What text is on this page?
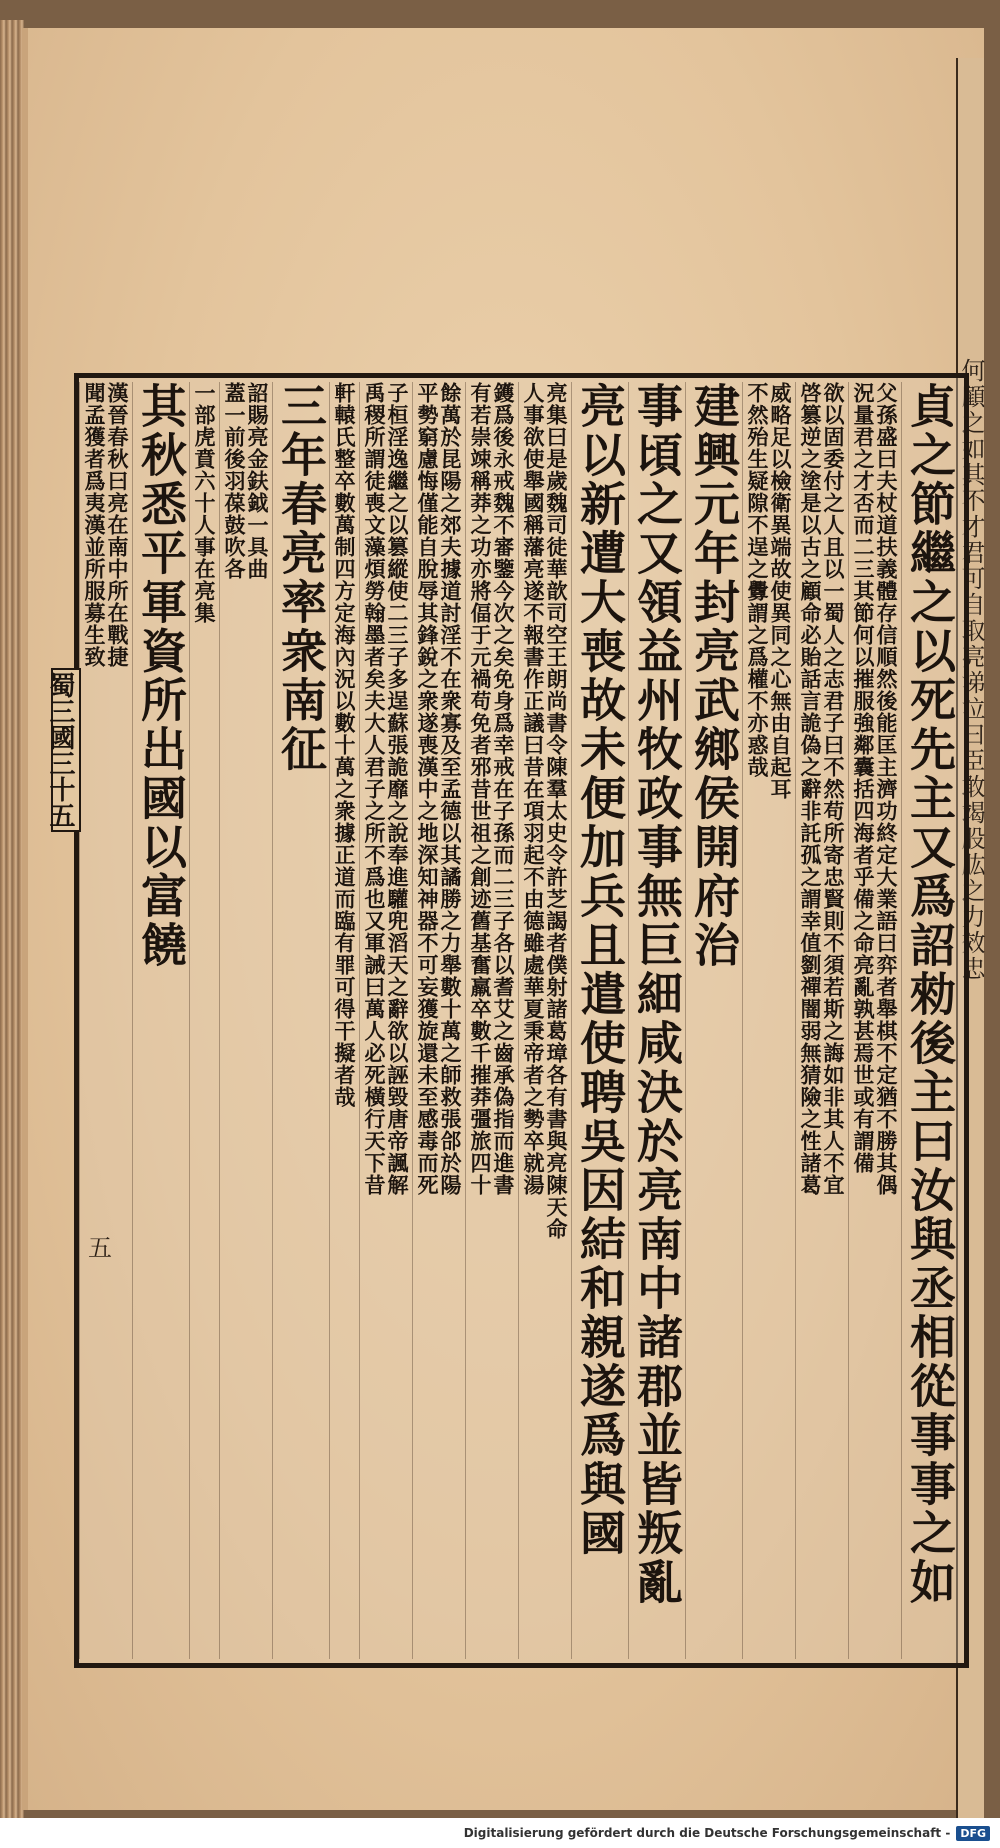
何顧之如其不才君可自取亮涕泣曰臣敢竭股肱之力效忠
貞之節繼之以死先主又爲詔勑後主曰汝與丞相從事事之如
父孫盛曰夫杖道扶義體存信順然後能匡主濟功終定大業語曰弈者舉棋不定猶不勝其偶
況量君之才否而二三其節何以摧服強鄰囊括四海者乎備之命亮亂孰甚焉世或有謂備
欲以固委付之人且以一蜀人之志君子曰不然苟所寄忠賢則不須若斯之誨如非其人不宜
啓篡逆之塗是以古之顧命必貽話言詭偽之辭非託孤之謂幸值劉禪闇弱無猜險之性諸葛
威略足以檢衛異端故使異同之心無由自起耳
不然殆生疑隙不逞之釁謂之爲權不亦惑哉
建興元年封亮武鄉侯開府治
事頃之又領益州牧政事無巨細咸決於亮南中諸郡並皆叛亂
亮以新遭大喪故未便加兵且遣使聘吳因結和親遂爲與國
亮集曰是歲魏司徒華歆司空王朗尚書令陳羣太史令許芝謁者僕射諸葛璋各有書與亮陳天命
人事欲使舉國稱藩亮遂不報書作正議曰昔在項羽起不由德雖處華夏秉帝者之勢卒就湯
鑊爲後永戒魏不審鑒今次之矣免身爲幸戒在子孫而二三子各以耆艾之齒承偽指而進書
有若崇竦稱莽之功亦將偪于元禍苟免者邪昔世祖之創迹舊基奮羸卒數千摧莽彊旅四十
餘萬於昆陽之郊夫據道討淫不在衆寡及至孟德以其譎勝之力舉數十萬之師救張郃於陽
平勢窮慮悔僅能自脫辱其鋒銳之衆遂喪漢中之地深知神器不可妄獲旋還未至感毒而死
子桓淫逸繼之以篡縱使二三子多逞蘇張詭靡之說奉進驩兜滔天之辭欲以誣毀唐帝諷解
禹稷所謂徒喪文藻煩勞翰墨者矣夫大人君子之所不爲也又軍誡曰萬人必死橫行天下昔
軒轅氏整卒數萬制四方定海內況以數十萬之衆據正道而臨有罪可得干擬者哉
三年春亮率衆南征
詔賜亮金鈇鉞一具曲
蓋一前後羽葆鼓吹各
一部虎賁六十人事在亮集
其秋悉平軍資所出國以富饒
漢晉春秋曰亮在南中所在戰捷
聞孟獲者爲夷漢並所服募生致
蜀三國三十五
五
Digitalisierung gefördert durch die Deutsche Forschungsgemeinschaft - DFG
